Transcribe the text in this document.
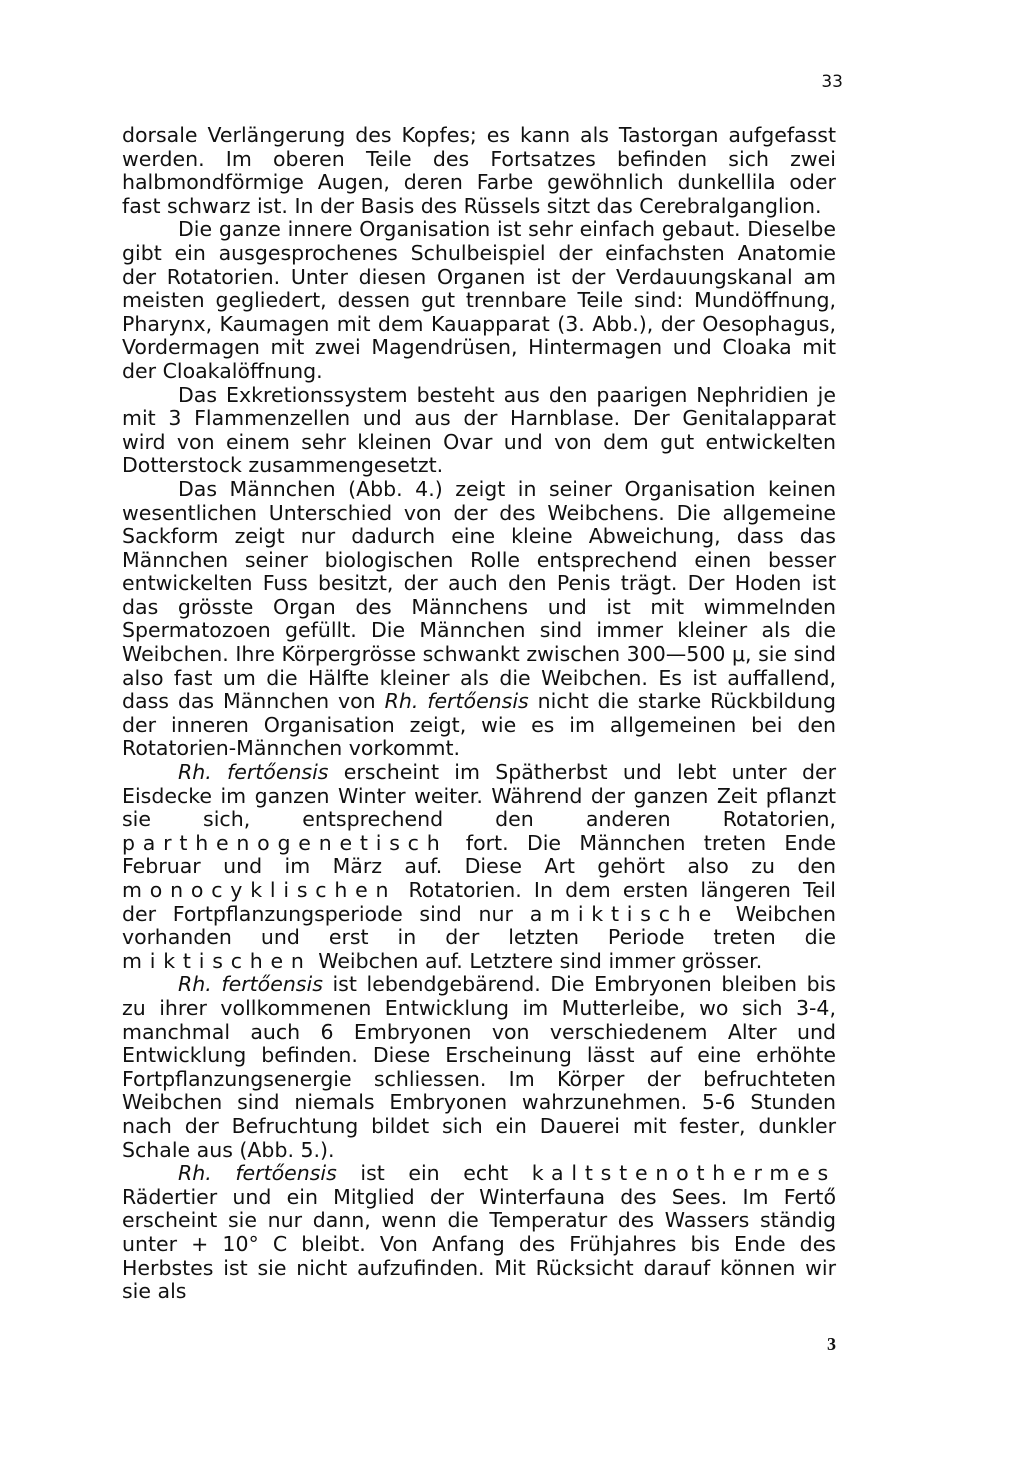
33

dorsale Verlängerung des Kopfes; es kann als Tastorgan aufgefasst werden. Im oberen Teile des Fortsatzes befinden sich zwei halbmondförmige Augen, deren Farbe gewöhnlich dunkellila oder fast schwarz ist. In der Basis des Rüssels sitzt das Cerebralganglion.

Die ganze innere Organisation ist sehr einfach gebaut. Dieselbe gibt ein ausgesprochenes Schulbeispiel der einfachsten Anatomie der Rotatorien. Unter diesen Organen ist der Verdauungskanal am meisten gegliedert, dessen gut trennbare Teile sind: Mundöffnung, Pharynx, Kaumagen mit dem Kauapparat (3. Abb.), der Oesophagus, Vordermagen mit zwei Magendrüsen, Hintermagen und Cloaka mit der Cloakalöffnung.

Das Exkretionssystem besteht aus den paarigen Nephridien je mit 3 Flammenzellen und aus der Harnblase. Der Genitalapparat wird von einem sehr kleinen Ovar und von dem gut entwickelten Dotterstock zusammengesetzt.

Das Männchen (Abb. 4.) zeigt in seiner Organisation keinen wesentlichen Unterschied von der des Weibchens. Die allgemeine Sackform zeigt nur dadurch eine kleine Abweichung, dass das Männchen seiner biologischen Rolle entsprechend einen besser entwickelten Fuss besitzt, der auch den Penis trägt. Der Hoden ist das grösste Organ des Männchens und ist mit wimmelnden Spermatozoen gefüllt. Die Männchen sind immer kleiner als die Weibchen. Ihre Körpergrösse schwankt zwischen 300—500 μ, sie sind also fast um die Hälfte kleiner als die Weibchen. Es ist auffallend, dass das Männchen von Rh. fertőensis nicht die starke Rückbildung der inneren Organisation zeigt, wie es im allgemeinen bei den Rotatorien-Männchen vorkommt.

Rh. fertőensis erscheint im Spätherbst und lebt unter der Eisdecke im ganzen Winter weiter. Während der ganzen Zeit pflanzt sie sich, entsprechend den anderen Rotatorien, parthenogenetisch fort. Die Männchen treten Ende Februar und im März auf. Diese Art gehört also zu den monocyklischen Rotatorien. In dem ersten längeren Teil der Fortpflanzungsperiode sind nur amiktische Weibchen vorhanden und erst in der letzten Periode treten die miktischen Weibchen auf. Letztere sind immer grösser.

Rh. fertőensis ist lebendgebärend. Die Embryonen bleiben bis zu ihrer vollkommenen Entwicklung im Mutterleibe, wo sich 3-4, manchmal auch 6 Embryonen von verschiedenem Alter und Entwicklung befinden. Diese Erscheinung lässt auf eine erhöhte Fortpflanzungsenergie schliessen. Im Körper der befruchteten Weibchen sind niemals Embryonen wahrzunehmen. 5-6 Stunden nach der Befruchtung bildet sich ein Dauerei mit fester, dunkler Schale aus (Abb. 5.).

Rh. fertőensis ist ein echt kaltstenothermes Rädertier und ein Mitglied der Winterfauna des Sees. Im Fertő erscheint sie nur dann, wenn die Temperatur des Wassers ständig unter + 10° C bleibt. Von Anfang des Frühjahres bis Ende des Herbstes ist sie nicht aufzufinden. Mit Rücksicht darauf können wir sie als

3
